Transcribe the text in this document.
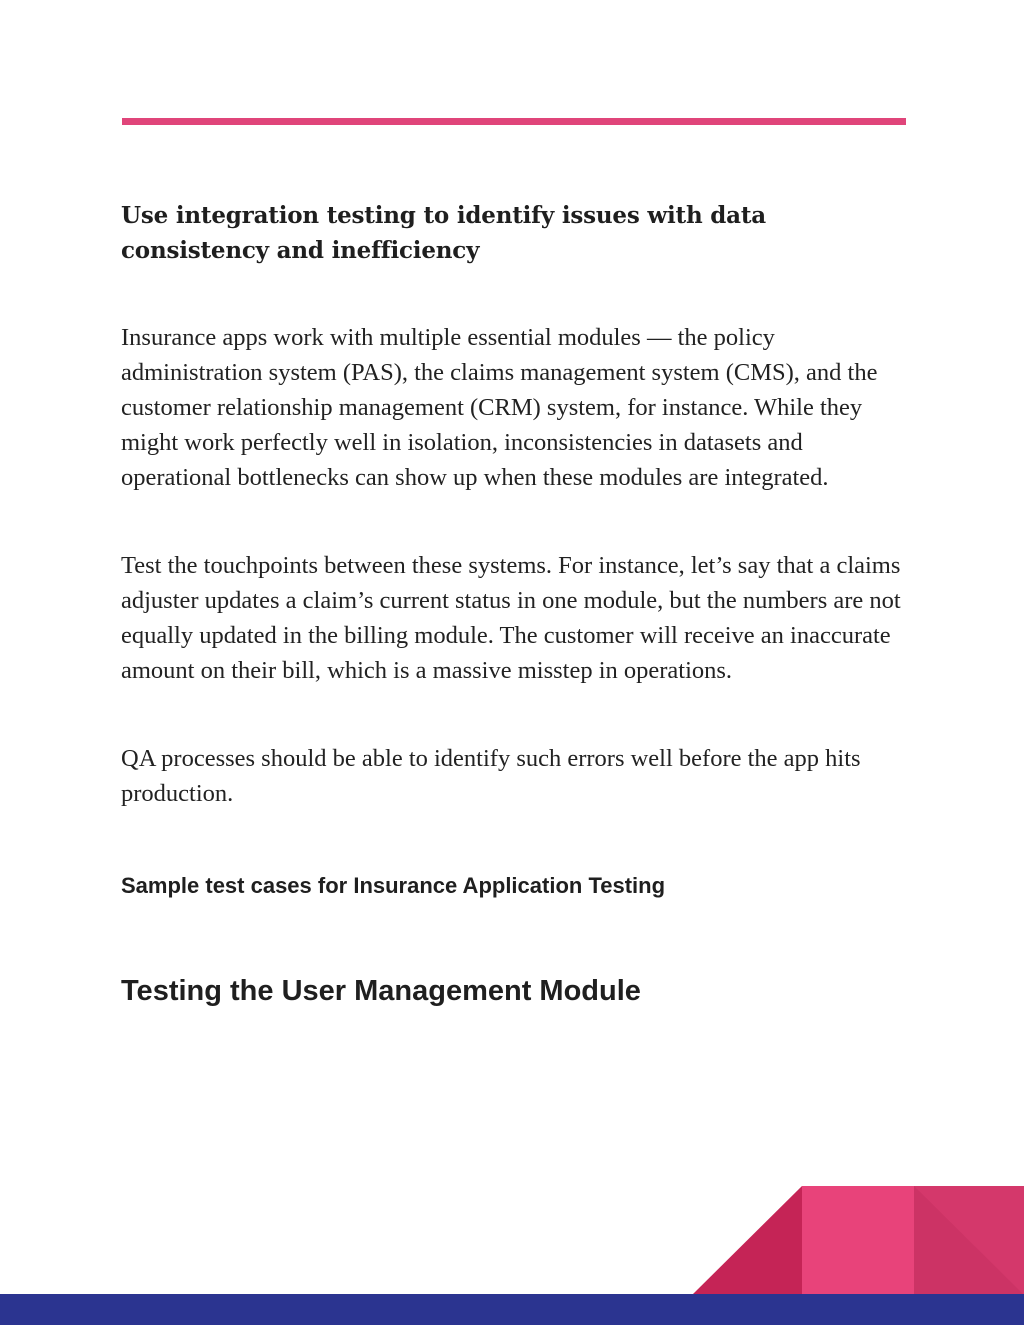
Use integration testing to identify issues with data consistency and inefficiency

Insurance apps work with multiple essential modules — the policy administration system (PAS), the claims management system (CMS), and the customer relationship management (CRM) system, for instance. While they might work perfectly well in isolation, inconsistencies in datasets and operational bottlenecks can show up when these modules are integrated.

Test the touchpoints between these systems. For instance, let’s say that a claims adjuster updates a claim’s current status in one module, but the numbers are not equally updated in the billing module. The customer will receive an inaccurate amount on their bill, which is a massive misstep in operations.

QA processes should be able to identify such errors well before the app hits production.

Sample test cases for Insurance Application Testing
Testing the User Management Module
